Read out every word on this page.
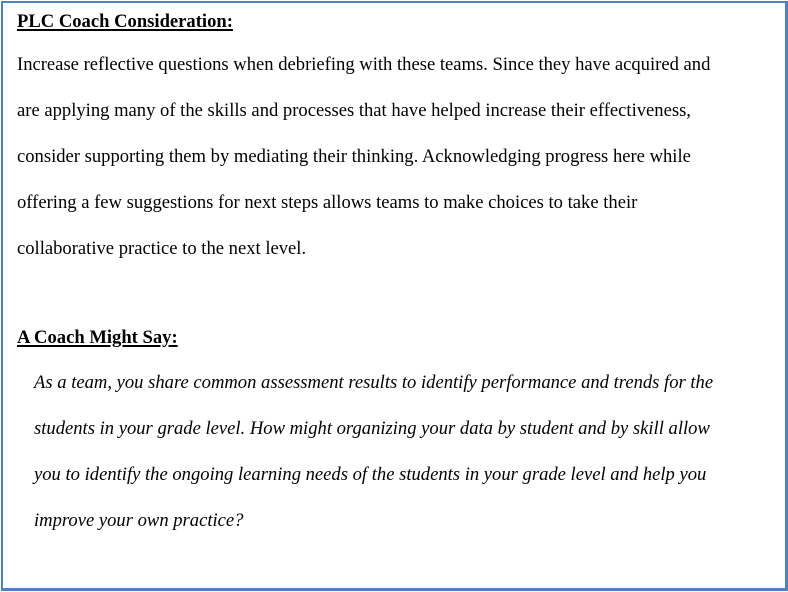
PLC Coach Consideration:
Increase reflective questions when debriefing with these teams. Since they have acquired and
are applying many of the skills and processes that have helped increase their effectiveness,
consider supporting them by mediating their thinking. Acknowledging progress here while
offering a few suggestions for next steps allows teams to make choices to take their
collaborative practice to the next level.
A Coach Might Say:
As a team, you share common assessment results to identify performance and trends for the
students in your grade level. How might organizing your data by student and by skill allow
you to identify the ongoing learning needs of the students in your grade level and help you
improve your own practice?
